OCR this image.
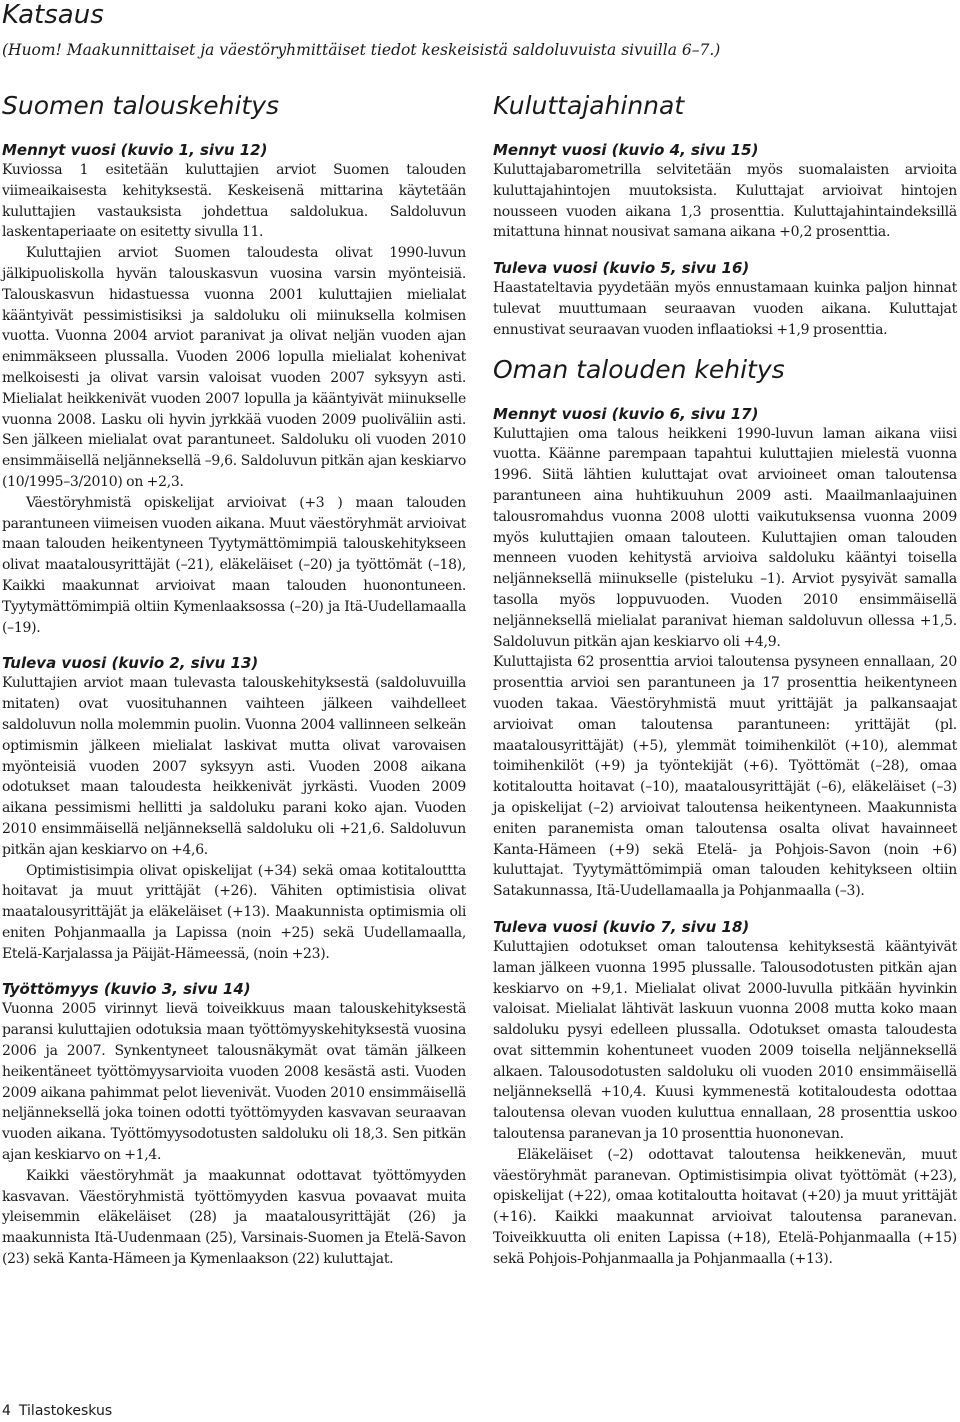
Katsaus

(Huom! Maakunnittaiset ja väestöryhmittäiset tiedot keskeisistä saldoluvuista sivuilla 6–7.)

Suomen talouskehitys
Mennyt vuosi (kuvio 1, sivu 12)

Kuviossa 1 esitetään kuluttajien arviot Suomen talouden viimeaikaisesta kehityksestä. Keskeisenä mittarina käytetään kuluttajien vastauksista johdettua saldolukua. Saldoluvun laskentaperiaate on esitetty sivulla 11.

Kuluttajien arviot Suomen taloudesta olivat 1990-luvun jälkipuoliskolla hyvän talouskasvun vuosina varsin myönteisiä. Talouskasvun hidastuessa vuonna 2001 kuluttajien mielialat kääntyivät pessimistisiksi ja saldoluku oli miinuksella kolmisen vuotta. Vuonna 2004 arviot paranivat ja olivat neljän vuoden ajan enimmäkseen plussalla. Vuoden 2006 lopulla mielialat kohenivat melkoisesti ja olivat varsin valoisat vuoden 2007 syksyyn asti. Mielialat heikkenivät vuoden 2007 lopulla ja kääntyivät miinukselle vuonna 2008. Lasku oli hyvin jyrkkää vuoden 2009 puoliväliin asti. Sen jälkeen mielialat ovat parantuneet. Saldoluku oli vuoden 2010 ensimmäisellä neljänneksellä –9,6. Saldoluvun pitkän ajan keskiarvo (10/1995–3/2010) on +2,3.

Väestöryhmistä opiskelijat arvioivat (+3 ) maan talouden parantuneen viimeisen vuoden aikana. Muut väestöryhmät arvioivat maan talouden heikentyneen Tyytymättömimpiä talouskehitykseen olivat maatalousyrittäjät (–21), eläkeläiset (–20) ja työttömät (–18), Kaikki maakunnat arvioivat maan talouden huonontuneen. Tyytymättömimpiä oltiin Kymenlaaksossa (–20) ja Itä-Uudellamaalla (–19).

Tuleva vuosi (kuvio 2, sivu 13)

Kuluttajien arviot maan tulevasta talouskehityksestä (saldoluvuilla mitaten) ovat vuosituhannen vaihteen jälkeen vaihdelleet saldoluvun nolla molemmin puolin. Vuonna 2004 vallinneen selkeän optimismin jälkeen mielialat laskivat mutta olivat varovaisen myönteisiä vuoden 2007 syksyyn asti. Vuoden 2008 aikana odotukset maan taloudesta heikkenivät jyrkästi. Vuoden 2009 aikana pessimismi hellitti ja saldoluku parani koko ajan. Vuoden 2010 ensimmäisellä neljänneksellä saldoluku oli +21,6. Saldoluvun pitkän ajan keskiarvo on +4,6.

Optimistisimpia olivat opiskelijat (+34) sekä omaa kotitalouttta hoitavat ja muut yrittäjät (+26). Vähiten optimistisia olivat maatalousyrittäjät ja eläkeläiset (+13). Maakunnista optimismia oli eniten Pohjanmaalla ja Lapissa (noin +25) sekä Uudellamaalla, Etelä-Karjalassa ja Päijät-Hämeessä, (noin +23).

Työttömyys (kuvio 3, sivu 14)

Vuonna 2005 virinnyt lievä toiveikkuus maan talouskehityksestä paransi kuluttajien odotuksia maan työttömyyskehityksestä vuosina 2006 ja 2007. Synkentyneet talousnäkymät ovat tämän jälkeen heikentäneet työttömyysarvioita vuoden 2008 kesästä asti. Vuoden 2009 aikana pahimmat pelot lievenivät. Vuoden 2010 ensimmäisellä neljänneksellä joka toinen odotti työttömyyden kasvavan seuraavan vuoden aikana. Työttömyysodotusten saldoluku oli 18,3. Sen pitkän ajan keskiarvo on +1,4.

Kaikki väestöryhmät ja maakunnat odottavat työttömyyden kasvavan. Väestöryhmistä työttömyyden kasvua povaavat muita yleisemmin eläkeläiset (28) ja maatalousyrittäjät (26) ja maakunnista Itä-Uudenmaan (25), Varsinais-Suomen ja Etelä-Savon (23) sekä Kanta-Hämeen ja Kymenlaakson (22) kuluttajat.

Kuluttajahinnat
Mennyt vuosi (kuvio 4, sivu 15)

Kuluttajabarometrilla selvitetään myös suomalaisten arvioita kuluttajahintojen muutoksista. Kuluttajat arvioivat hintojen nousseen vuoden aikana 1,3 prosenttia. Kuluttajahintaindeksillä mitattuna hinnat nousivat samana aikana +0,2 prosenttia.

Tuleva vuosi (kuvio 5, sivu 16)

Haastateltavia pyydetään myös ennustamaan kuinka paljon hinnat tulevat muuttumaan seuraavan vuoden aikana. Kuluttajat ennustivat seuraavan vuoden inflaatioksi +1,9 prosenttia.

Oman talouden kehitys
Mennyt vuosi (kuvio 6, sivu 17)

Kuluttajien oma talous heikkeni 1990-luvun laman aikana viisi vuotta. Käänne parempaan tapahtui kuluttajien mielestä vuonna 1996. Siitä lähtien kuluttajat ovat arvioineet oman taloutensa parantuneen aina huhtikuuhun 2009 asti. Maailmanlaajuinen talousromahdus vuonna 2008 ulotti vaikutuksensa vuonna 2009 myös kuluttajien omaan talouteen. Kuluttajien oman talouden menneen vuoden kehitystä arvioiva saldoluku kääntyi toisella neljänneksellä miinukselle (pisteluku –1). Arviot pysyivät samalla tasolla myös loppuvuoden. Vuoden 2010 ensimmäisellä neljänneksellä mielialat paranivat hieman saldoluvun ollessa +1,5. Saldoluvun pitkän ajan keskiarvo oli +4,9.

Kuluttajista 62 prosenttia arvioi taloutensa pysyneen ennallaan, 20 prosenttia arvioi sen parantuneen ja 17 prosenttia heikentyneen vuoden takaa. Väestöryhmistä muut yrittäjät ja palkansaajat arvioivat oman taloutensa parantuneen: yrittäjät (pl. maatalousyrittäjät) (+5), ylemmät toimihenkilöt (+10), alemmat toimihenkilöt (+9) ja työntekijät (+6). Työttömät (–28), omaa kotitaloutta hoitavat (–10), maatalousyrittäjät (–6), eläkeläiset (–3) ja opiskelijat (–2) arvioivat taloutensa heikentyneen. Maakunnista eniten paranemista oman taloutensa osalta olivat havainneet Kanta-Hämeen (+9) sekä Etelä- ja Pohjois-Savon (noin +6) kuluttajat. Tyytymättömimpiä oman talouden kehitykseen oltiin Satakunnassa, Itä-Uudellamaalla ja Pohjanmaalla (–3).

Tuleva vuosi (kuvio 7, sivu 18)

Kuluttajien odotukset oman taloutensa kehityksestä kääntyivät laman jälkeen vuonna 1995 plussalle. Talousodotusten pitkän ajan keskiarvo on +9,1. Mielialat olivat 2000-luvulla pitkään hyvinkin valoisat. Mielialat lähtivät laskuun vuonna 2008 mutta koko maan saldoluku pysyi edelleen plussalla. Odotukset omasta taloudesta ovat sittemmin kohentuneet vuoden 2009 toisella neljänneksellä alkaen. Talousodotusten saldoluku oli vuoden 2010 ensimmäisellä neljänneksellä +10,4. Kuusi kymmenestä kotitaloudesta odottaa taloutensa olevan vuoden kuluttua ennallaan, 28 prosenttia uskoo taloutensa paranevan ja 10 prosenttia huononevan.

Eläkeläiset (–2) odottavat taloutensa heikkenevän, muut väestöryhmät paranevan. Optimistisimpia olivat työttömät (+23), opiskelijat (+22), omaa kotitaloutta hoitavat (+20) ja muut yrittäjät (+16). Kaikki maakunnat arvioivat taloutensa paranevan. Toiveikkuutta oli eniten Lapissa (+18), Etelä-Pohjanmaalla (+15) sekä Pohjois-Pohjanmaalla ja Pohjanmaalla (+13).

4 Tilastokeskus
